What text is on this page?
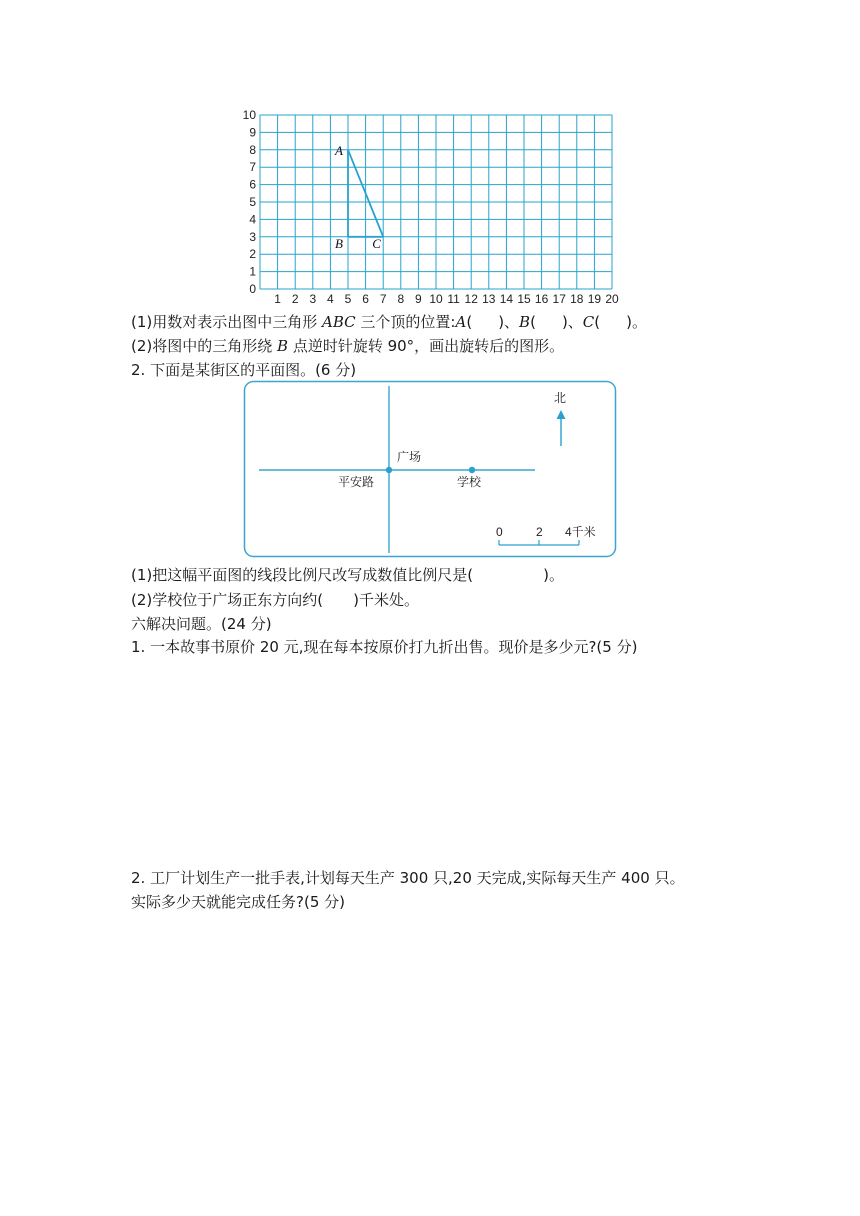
0
1
2
3
4
5
6
7
8
9
10
1 2 3 4 5 6 7 8 9 10 11 12 13 14 15 16 17 18 19 20
A
B C
(1)用数对表示出图中三角形 ABC 三个顶的位置:A( )、B( )、C( )。
(2)将图中的三角形绕 B 点逆时针旋转 90°，画出旋转后的图形。
2. 下面是某街区的平面图。(6 分)
广场
平安路	学校
北
0	2 4千米
(1)把这幅平面图的线段比例尺改写成数值比例尺是(	)。
(2)学校位于广场正东方向约( )千米处。
六解决问题。(24 分)
1. 一本故事书原价 20 元,现在每本按原价打九折出售。现价是多少元?(5 分)
2. 工厂计划生产一批手表,计划每天生产 300 只,20 天完成,实际每天生产 400 只。
实际多少天就能完成任务?(5 分)
